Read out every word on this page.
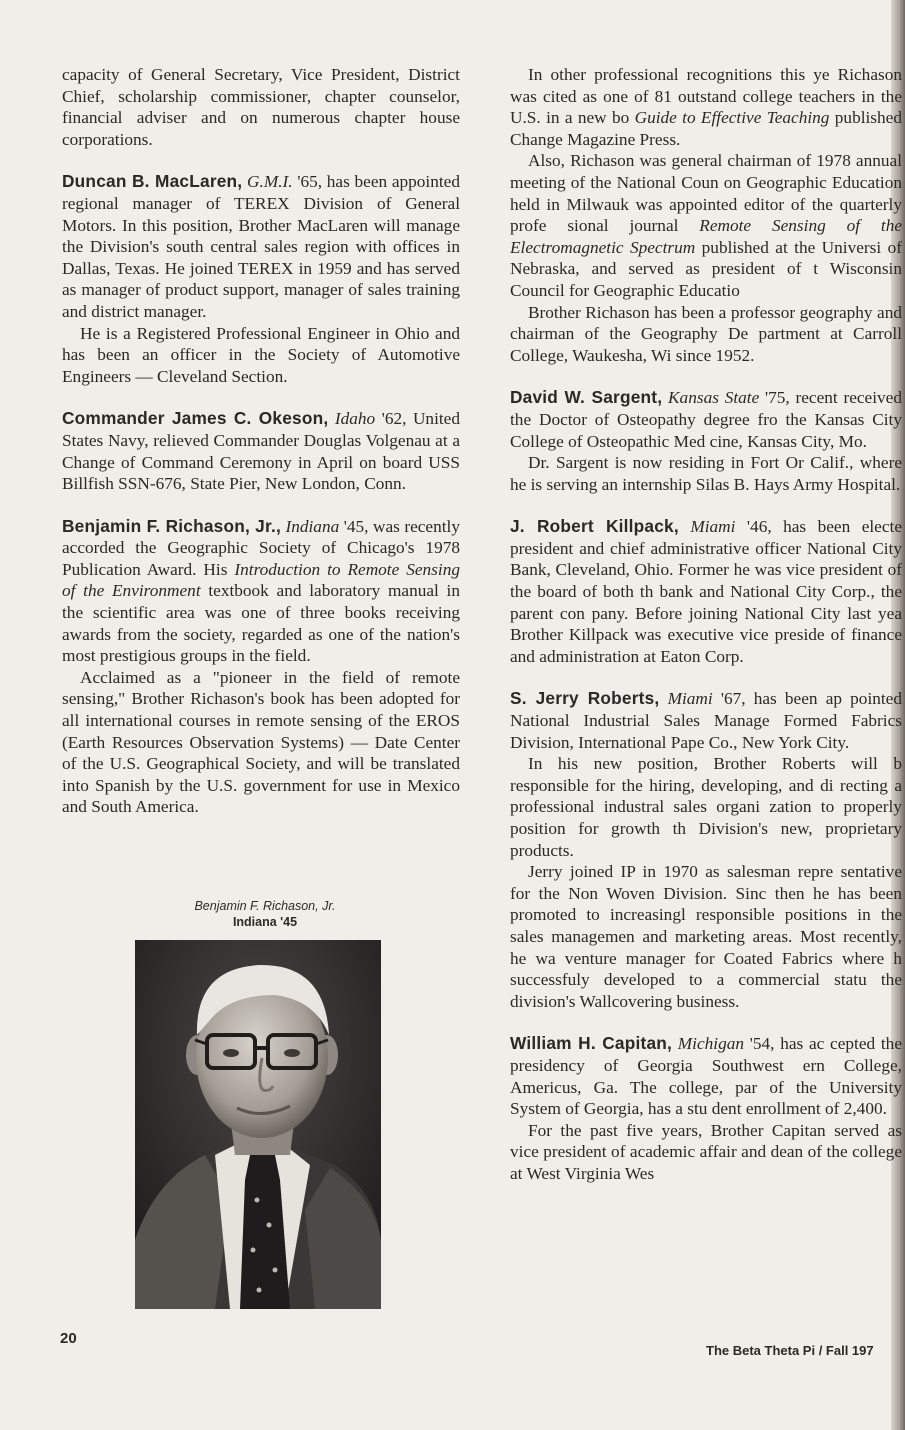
capacity of General Secretary, Vice President, District Chief, scholarship commissioner, chapter counselor, financial adviser and on numerous chapter house corporations.

Duncan B. MacLaren, G.M.I. '65, has been appointed regional manager of TEREX Division of General Motors. In this position, Brother MacLaren will manage the Division's south central sales region with offices in Dallas, Texas. He joined TEREX in 1959 and has served as manager of product support, manager of sales training and district manager.

He is a Registered Professional Engineer in Ohio and has been an officer in the Society of Automotive Engineers — Cleveland Section.

Commander James C. Okeson, Idaho '62, United States Navy, relieved Commander Douglas Volgenau at a Change of Command Ceremony in April on board USS Billfish SSN-676, State Pier, New London, Conn.

Benjamin F. Richason, Jr., Indiana '45, was recently accorded the Geographic Society of Chicago's 1978 Publication Award. His Introduction to Remote Sensing of the Environment textbook and laboratory manual in the scientific area was one of three books receiving awards from the society, regarded as one of the nation's most prestigious groups in the field.

Acclaimed as a "pioneer in the field of remote sensing," Brother Richason's book has been adopted for all international courses in remote sensing of the EROS (Earth Resources Observation Systems) — Date Center of the U.S. Geographical Society, and will be translated into Spanish by the U.S. government for use in Mexico and South America.

Benjamin F. Richason, Jr.
Indiana '45

In other professional recognitions this ye Richason was cited as one of 81 outstand college teachers in the U.S. in a new bo Guide to Effective Teaching published Change Magazine Press.

Also, Richason was general chairman of 1978 annual meeting of the National Coun on Geographic Education held in Milwauk was appointed editor of the quarterly profe sional journal Remote Sensing of the Electromagnetic Spectrum published at the Universi of Nebraska, and served as president of t Wisconsin Council for Geographic Educatio

Brother Richason has been a professor geography and chairman of the Geography De partment at Carroll College, Waukesha, Wi since 1952.

David W. Sargent, Kansas State '75, recent received the Doctor of Osteopathy degree fro the Kansas City College of Osteopathic Med cine, Kansas City, Mo.

Dr. Sargent is now residing in Fort Or Calif., where he is serving an internship Silas B. Hays Army Hospital.

J. Robert Killpack, Miami '46, has been electe president and chief administrative officer National City Bank, Cleveland, Ohio. Former he was vice president of the board of both th bank and National City Corp., the parent con pany. Before joining National City last yea Brother Killpack was executive vice preside of finance and administration at Eaton Corp.

S. Jerry Roberts, Miami '67, has been ap pointed National Industrial Sales Manage Formed Fabrics Division, International Pape Co., New York City.

In his new position, Brother Roberts will b responsible for the hiring, developing, and di recting a professional industral sales organi zation to properly position for growth th Division's new, proprietary products.

Jerry joined IP in 1970 as salesman repre sentative for the Non Woven Division. Sinc then he has been promoted to increasingl responsible positions in the sales managemen and marketing areas. Most recently, he wa venture manager for Coated Fabrics where h successfuly developed to a commercial statu the division's Wallcovering business.

William H. Capitan, Michigan '54, has ac cepted the presidency of Georgia Southwest ern College, Americus, Ga. The college, par of the University System of Georgia, has a stu dent enrollment of 2,400.

For the past five years, Brother Capitan served as vice president of academic affair and dean of the college at West Virginia Wes

20
The Beta Theta Pi / Fall 197
